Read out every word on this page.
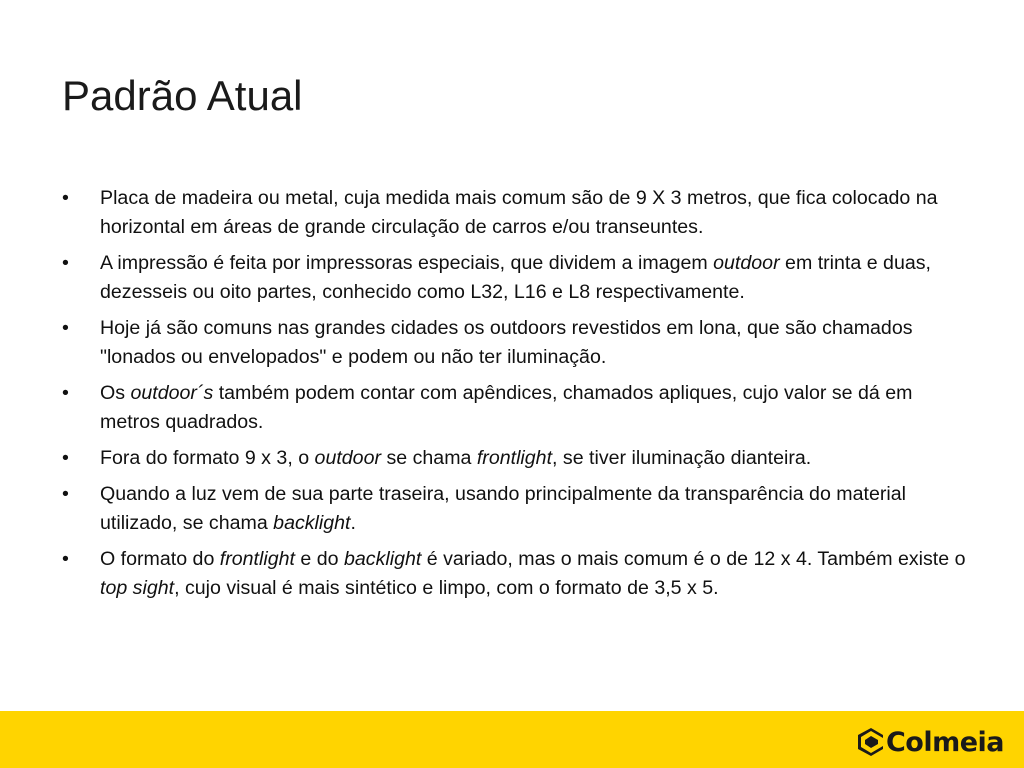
Padrão Atual
•	Placa de madeira ou metal, cuja medida mais comum são de 9 X 3 metros, que fica colocado na horizontal em áreas de grande circulação de carros e/ou transeuntes.
•	A impressão é feita por impressoras especiais, que dividem a imagem outdoor em trinta e duas, dezesseis ou oito partes, conhecido como L32, L16 e L8 respectivamente.
•	Hoje já são comuns nas grandes cidades os outdoors revestidos em lona, que são chamados "lonados ou envelopados" e podem ou não ter iluminação.
•	Os outdoor´s também podem contar com apêndices, chamados apliques, cujo valor se dá em metros quadrados.
•	Fora do formato 9 x 3, o outdoor se chama frontlight, se tiver iluminação dianteira.
•	Quando a luz vem de sua parte traseira, usando principalmente da transparência do material utilizado, se chama backlight.
•	O formato do frontlight e do backlight é variado, mas o mais comum é o de 12 x 4. Também existe o top sight, cujo visual é mais sintético e limpo, com o formato de 3,5 x 5.
Colmeia
